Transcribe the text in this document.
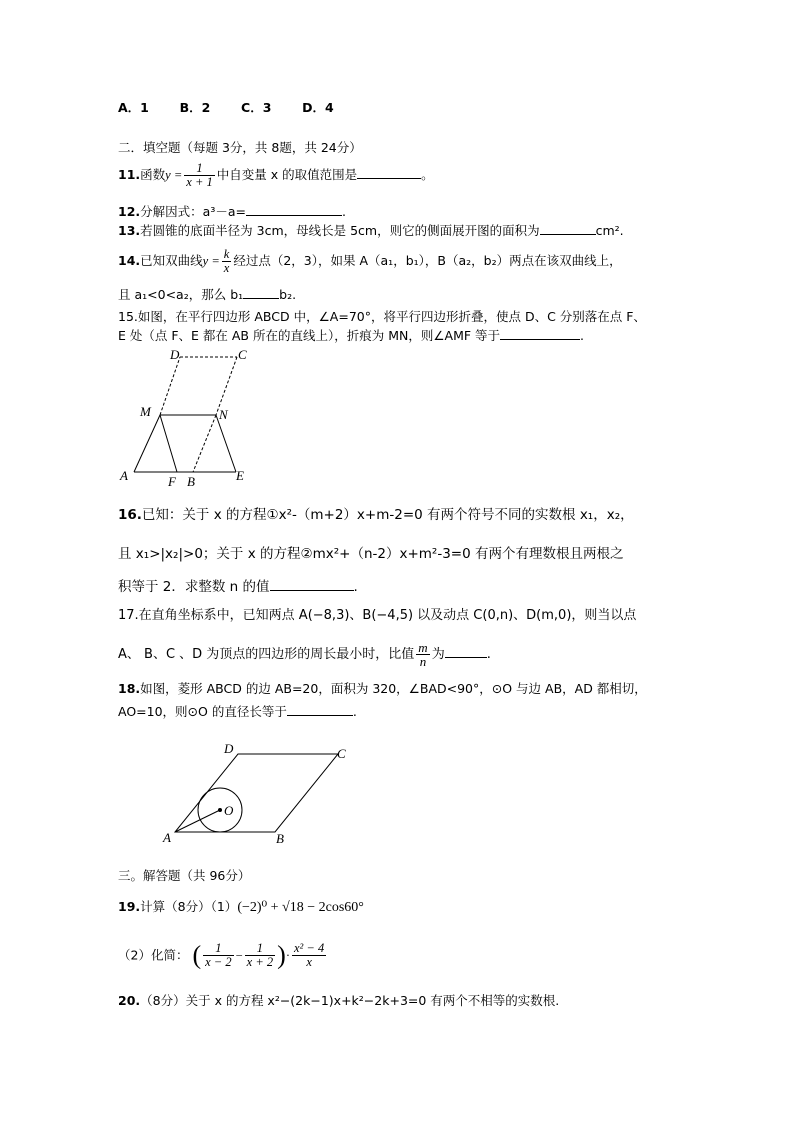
A．1 B．2 C．3 D．4
二．填空题（每题 3分，共 8题，共 24分）
11.函数$y = \frac{1}{x + 1}$ 中自变量 x 的取值范围是	。
12.分解因式：a³－a=	.
13.若圆锥的底面半径为 3cm，母线长是 5cm，则它的侧面展开图的面积为	cm².
14.已知双曲线$y = \frac{k}{x}$ 经过点（2，3），如果 A（a₁，b₁），B（a₂，b₂）两点在该双曲线上，
且 a₁<0<a₂，那么 b₁	b₂.
15.如图，在平行四边形 ABCD 中，∠A=70°，将平行四边形折叠，使点 D、C 分别落在点 F、
E 处（点 F、E 都在 AB 所在的直线上），折痕为 MN，则∠AMF 等于	.
D	C
M	N
A	F B	E
16.已知：关于 x 的方程①x²-（m+2）x+m-2=0 有两个符号不同的实数根 x₁，x₂，
且 x₁>|x₂|>0；关于 x 的方程②mx²+（n-2）x+m²-3=0 有两个有理数根且两根之
积等于 2．求整数 n 的值	.
17.在直角坐标系中，已知两点 A(−8,3)、B(−4,5) 以及动点 C(0,n)、D(m,0)，则当以点
A、 B、C 、D 为顶点的四边形的周长最小时，比值 $\frac{m}{n}$ 为	.
18.如图，菱形 ABCD 的边 AB=20，面积为 320，∠BAD<90°，⊙O 与边 AB，AD 都相切，
AO=10，则⊙O 的直径长等于	.
O
D	C
A	B
三。解答题（共 96分）
19.计算（8分）（1）(−2)⁰ + √18 − 2cos60°
（2）化简： ( $\frac{1}{x - 2} - \frac{1}{x + 2}$ )· $\frac{\text{x² − 4}}{x}$
20.（8分）关于 x 的方程 x²−(2k−1)x+k²−2k+3=0 有两个不相等的实数根.
